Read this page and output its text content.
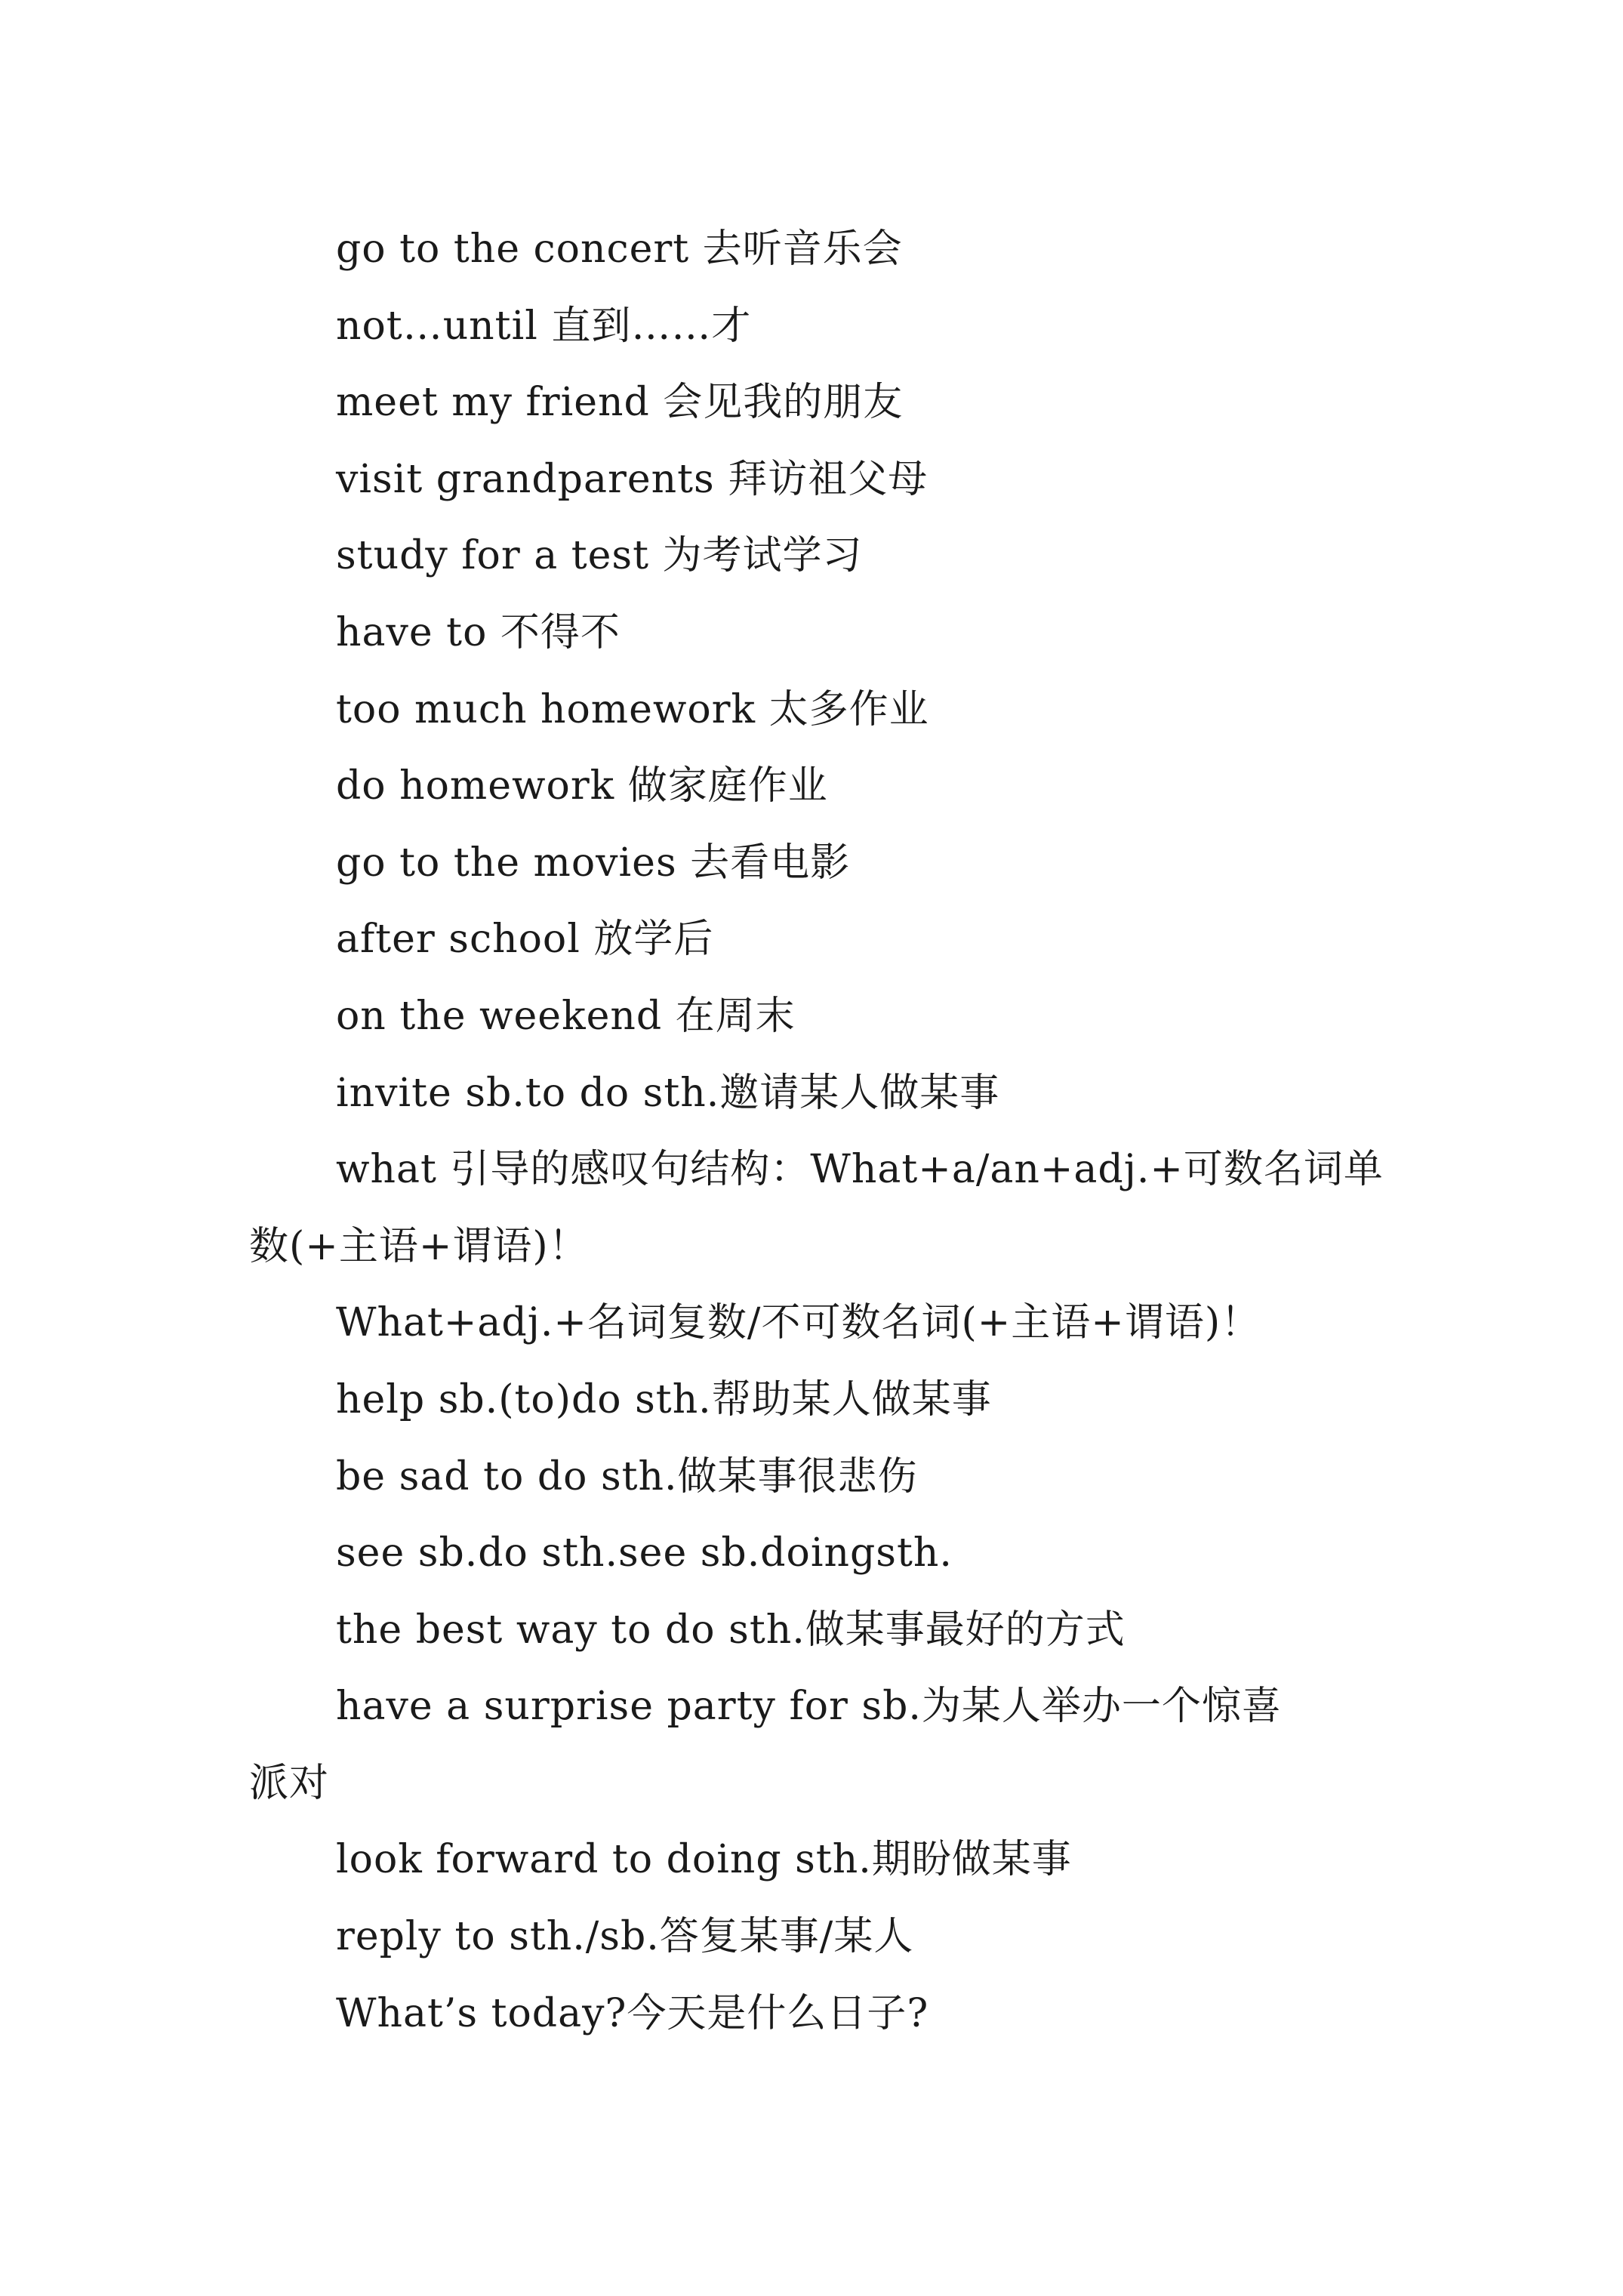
go to the concert 去听音乐会
not…until 直到……才
meet my friend 会见我的朋友
visit grandparents 拜访祖父母
study for a test 为考试学习
have to 不得不
too much homework 太多作业
do homework 做家庭作业
go to the movies 去看电影
after school 放学后
on the weekend 在周末
invite sb.to do sth.邀请某人做某事
what 引导的感叹句结构：What+a/an+adj.+可数名词单
数(+主语+谓语)！
What+adj.+名词复数/不可数名词(+主语+谓语)！
help sb.(to)do sth.帮助某人做某事
be sad to do sth.做某事很悲伤
see sb.do sth.see sb.doingsth.
the best way to do sth.做某事最好的方式
have a surprise party for sb.为某人举办一个惊喜
派对
look forward to doing sth.期盼做某事
reply to sth./sb.答复某事/某人
What’s today?今天是什么日子?
